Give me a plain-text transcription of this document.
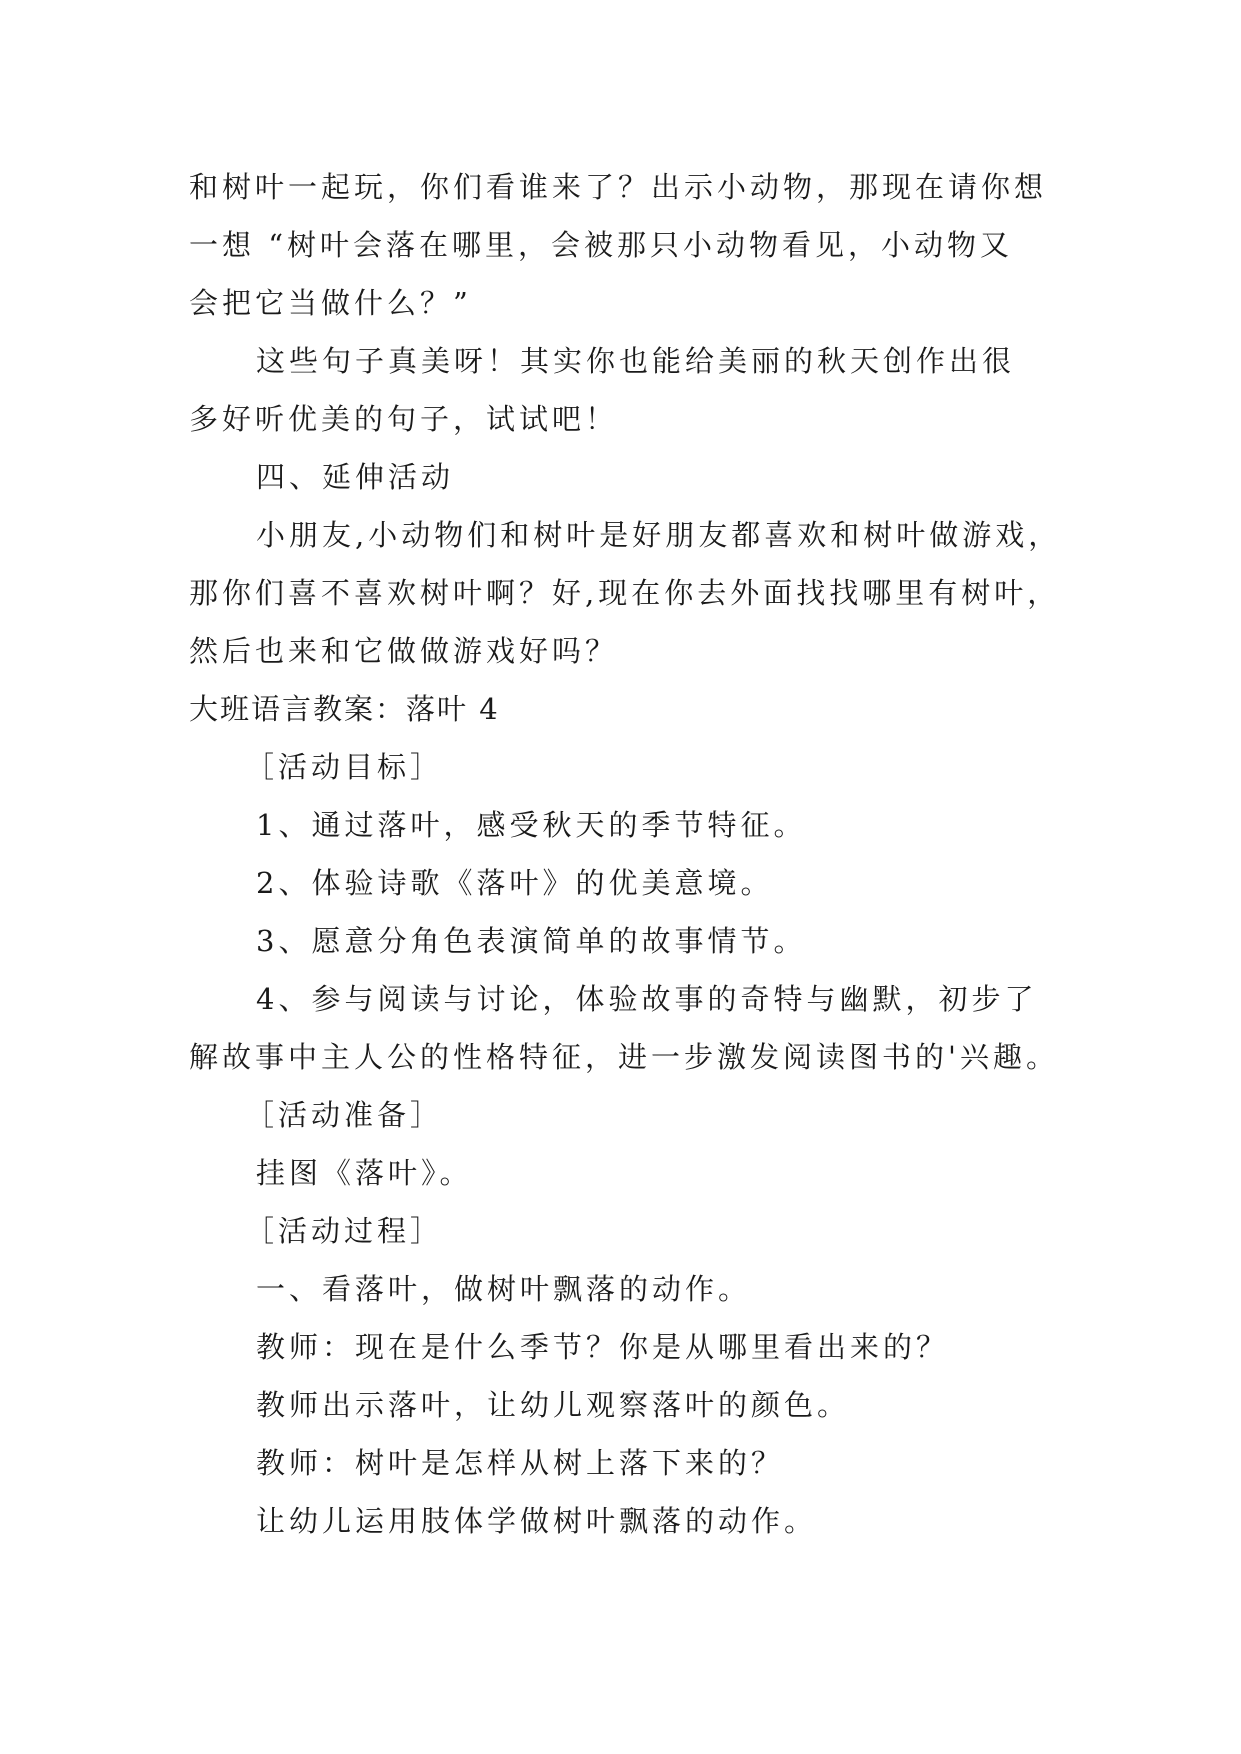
和树叶一起玩，你们看谁来了？出示小动物，那现在请你想
一想 “树叶会落在哪里，会被那只小动物看见，小动物又
会把它当做什么？”
这些句子真美呀！其实你也能给美丽的秋天创作出很
多好听优美的句子，试试吧！
四、延伸活动
小朋友,小动物们和树叶是好朋友都喜欢和树叶做游戏，
那你们喜不喜欢树叶啊？好,现在你去外面找找哪里有树叶，
然后也来和它做做游戏好吗？
大班语言教案：落叶 4
［活动目标］
1、通过落叶，感受秋天的季节特征。
2、体验诗歌《落叶》的优美意境。
3、愿意分角色表演简单的故事情节。
4、参与阅读与讨论，体验故事的奇特与幽默，初步了
解故事中主人公的性格特征，进一步激发阅读图书的'兴趣。
［活动准备］
挂图《落叶》。
［活动过程］
一、看落叶，做树叶飘落的动作。
教师：现在是什么季节？你是从哪里看出来的？
教师出示落叶，让幼儿观察落叶的颜色。
教师：树叶是怎样从树上落下来的？
让幼儿运用肢体学做树叶飘落的动作。
